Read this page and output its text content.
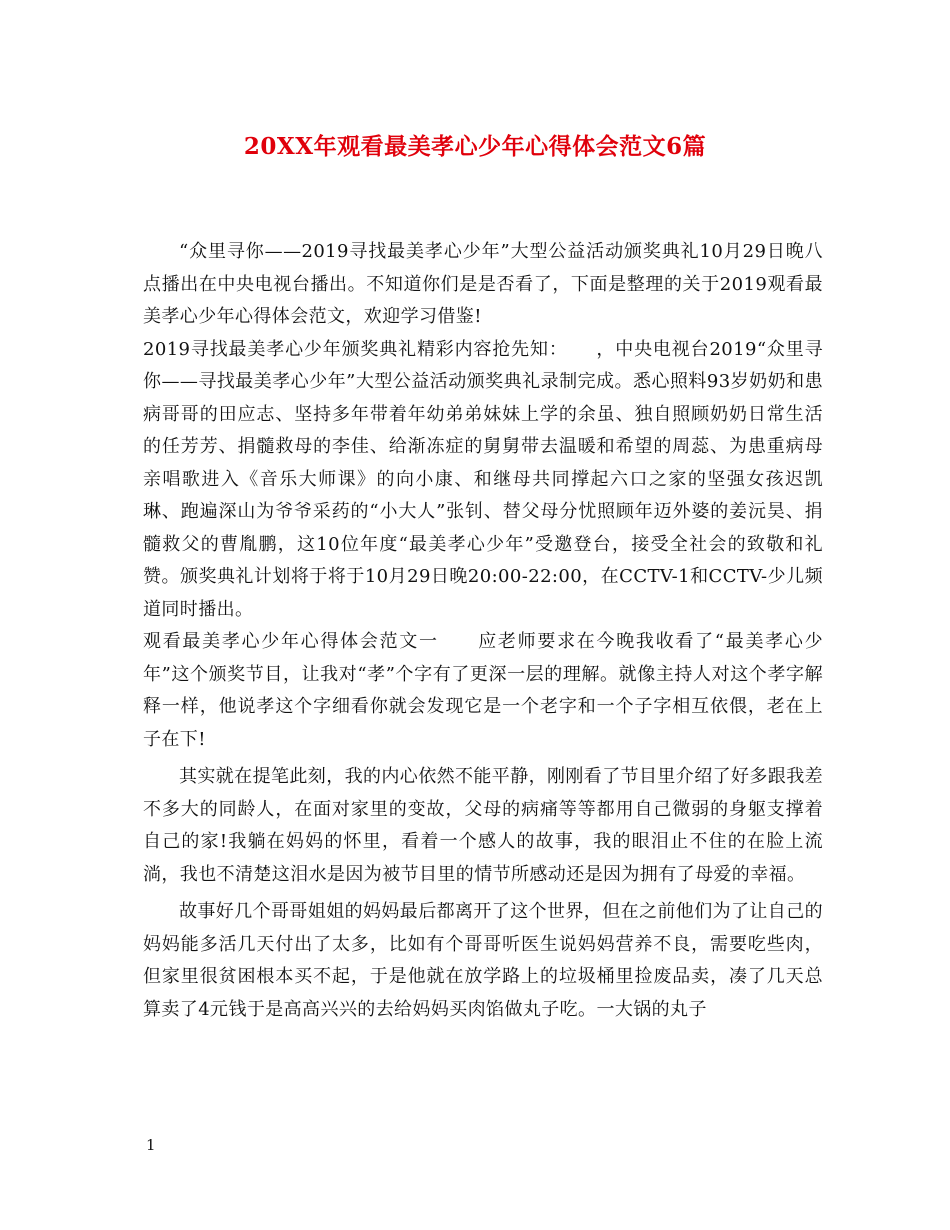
20XX年观看最美孝心少年心得体会范文6篇

“众里寻你——2019寻找最美孝心少年”大型公益活动颁奖典礼10月29日晚八点播出在中央电视台播出。不知道你们是是否看了，下面是整理的关于2019观看最美孝心少年心得体会范文，欢迎学习借鉴!

2019寻找最美孝心少年颁奖典礼精彩内容抢先知：　　，中央电视台2019“众里寻你——寻找最美孝心少年”大型公益活动颁奖典礼录制完成。悉心照料93岁奶奶和患病哥哥的田应志、坚持多年带着年幼弟弟妹妹上学的余虽、独自照顾奶奶日常生活的任芳芳、捐髓救母的李佳、给渐冻症的舅舅带去温暖和希望的周蕊、为患重病母亲唱歌进入《音乐大师课》的向小康、和继母共同撑起六口之家的坚强女孩迟凯琳、跑遍深山为爷爷采药的“小大人”张钊、替父母分忧照顾年迈外婆的姜沅昊、捐髓救父的曹胤鹏，这10位年度“最美孝心少年”受邀登台，接受全社会的致敬和礼赞。颁奖典礼计划将于将于10月29日晚20:00-22:00，在CCTV-1和CCTV-少儿频道同时播出。

观看最美孝心少年心得体会范文一　　应老师要求在今晚我收看了“最美孝心少年”这个颁奖节目，让我对“孝”个字有了更深一层的理解。就像主持人对这个孝字解释一样，他说孝这个字细看你就会发现它是一个老字和一个子字相互依偎，老在上子在下!

其实就在提笔此刻，我的内心依然不能平静，刚刚看了节目里介绍了好多跟我差不多大的同龄人，在面对家里的变故，父母的病痛等等都用自己微弱的身躯支撑着自己的家!我躺在妈妈的怀里，看着一个感人的故事，我的眼泪止不住的在脸上流淌，我也不清楚这泪水是因为被节目里的情节所感动还是因为拥有了母爱的幸福。

故事好几个哥哥姐姐的妈妈最后都离开了这个世界，但在之前他们为了让自己的妈妈能多活几天付出了太多，比如有个哥哥听医生说妈妈营养不良，需要吃些肉，但家里很贫困根本买不起，于是他就在放学路上的垃圾桶里捡废品卖，凑了几天总算卖了4元钱于是高高兴兴的去给妈妈买肉馅做丸子吃。一大锅的丸子

1
